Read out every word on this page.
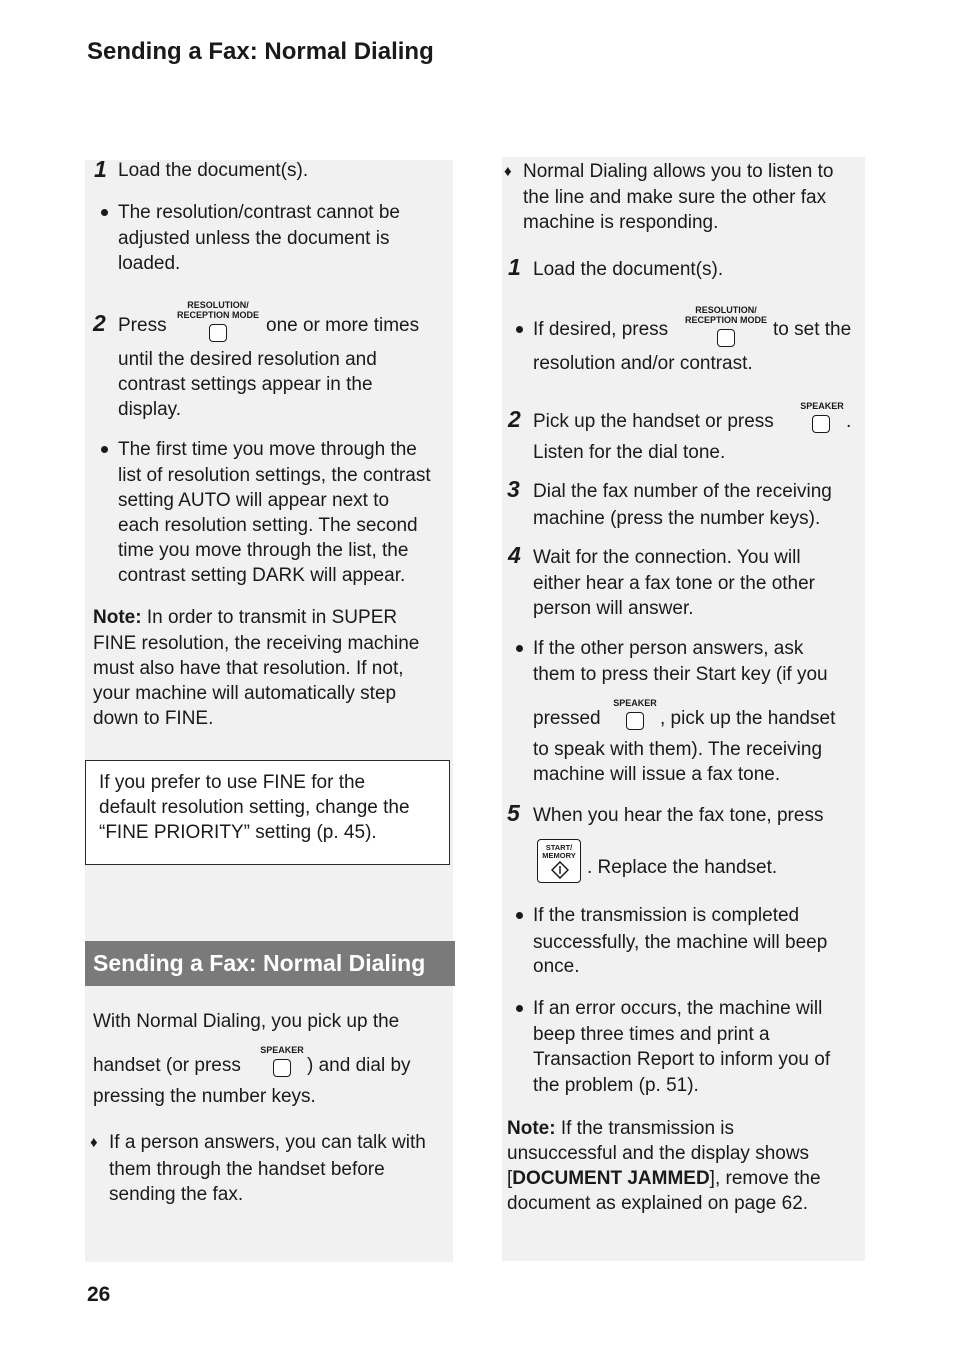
Sending a Fax: Normal Dialing
1 Load the document(s).
The resolution/contrast cannot be
adjusted unless the document is
loaded.
2 Press
RESOLUTION/
RECEPTION MODE one or more times
until the desired resolution and
contrast settings appear in the
display.
The first time you move through the
list of resolution settings, the contrast
setting AUTO will appear next to
each resolution setting. The second
time you move through the list, the
contrast setting DARK will appear.
Note: In order to transmit in SUPER
FINE resolution, the receiving machine
must also have that resolution. If not,
your machine will automatically step
down to FINE.
If you prefer to use FINE for the
default resolution setting, change the
“FINE PRIORITY” setting (p. 45).
Sending a Fax: Normal Dialing
With Normal Dialing, you pick up the
handset (or press
SPEAKER
) and dial by
pressing the number keys.
♦ If a person answers, you can talk with
them through the handset before
sending the fax.
♦ Normal Dialing allows you to listen to
the line and make sure the other fax
machine is responding.
1 Load the document(s).
If desired, press
RESOLUTION/
RECEPTION MODE to set the
resolution and/or contrast.
2 Pick up the handset or press
SPEAKER
.
Listen for the dial tone.
3 Dial the fax number of the receiving
machine (press the number keys).
4 Wait for the connection. You will
either hear a fax tone or the other
person will answer.
If the other person answers, ask
them to press their Start key (if you
pressed
SPEAKER
, pick up the handset
to speak with them). The receiving
machine will issue a fax tone.
5 When you hear the fax tone, press
START/
MEMORY
. Replace the handset.
If the transmission is completed
successfully, the machine will beep
once.
If an error occurs, the machine will
beep three times and print a
Transaction Report to inform you of
the problem (p. 51).
Note: If the transmission is
unsuccessful and the display shows
[DOCUMENT JAMMED], remove the
document as explained on page 62.
26
